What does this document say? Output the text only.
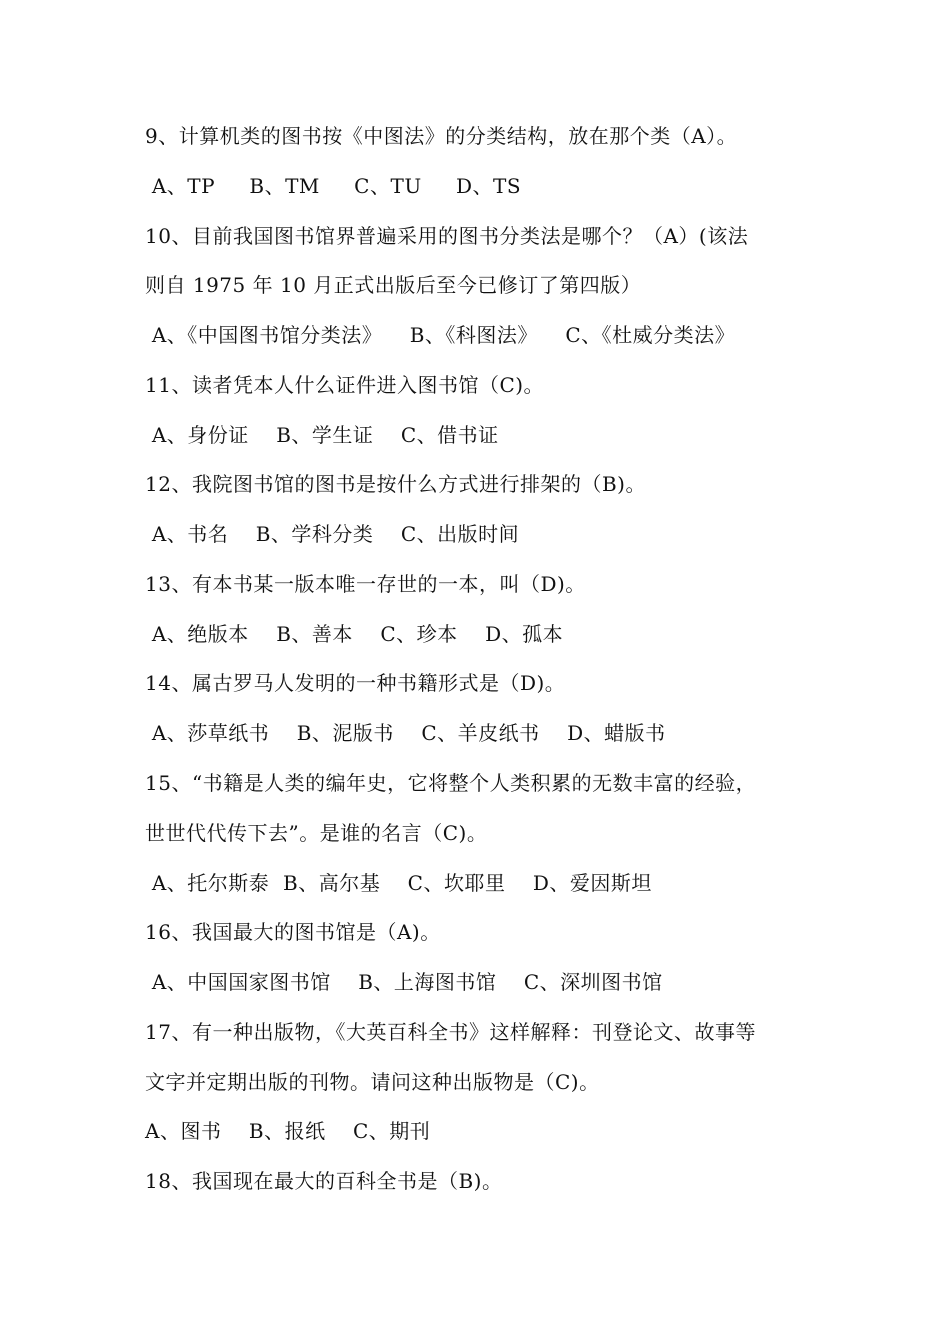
9、计算机类的图书按《中图法》的分类结构，放在那个类（A）。
A、TP     B、TM     C、TU     D、TS
10、目前我国图书馆界普遍采用的图书分类法是哪个？（A）(该法
则自 1975 年 10 月正式出版后至今已修订了第四版）
A、《中国图书馆分类法》    B、《科图法》    C、《杜威分类法》
11、读者凭本人什么证件进入图书馆（C)。
A、身份证    B、学生证    C、借书证
12、我院图书馆的图书是按什么方式进行排架的（B)。
A、书名    B、学科分类    C、出版时间
13、有本书某一版本唯一存世的一本，叫（D)。
A、绝版本    B、善本    C、珍本    D、孤本
14、属古罗马人发明的一种书籍形式是（D)。
A、莎草纸书    B、泥版书    C、羊皮纸书    D、蜡版书
15、“书籍是人类的编年史，它将整个人类积累的无数丰富的经验，
世世代代传下去”。是谁的名言（C)。
A、托尔斯泰  B、高尔基    C、坎耶里    D、爱因斯坦
16、我国最大的图书馆是（A)。
A、中国国家图书馆    B、上海图书馆    C、深圳图书馆
17、有一种出版物，《大英百科全书》这样解释：刊登论文、故事等
文字并定期出版的刊物。请问这种出版物是（C)。
A、图书    B、报纸    C、期刊
18、我国现在最大的百科全书是（B)。
